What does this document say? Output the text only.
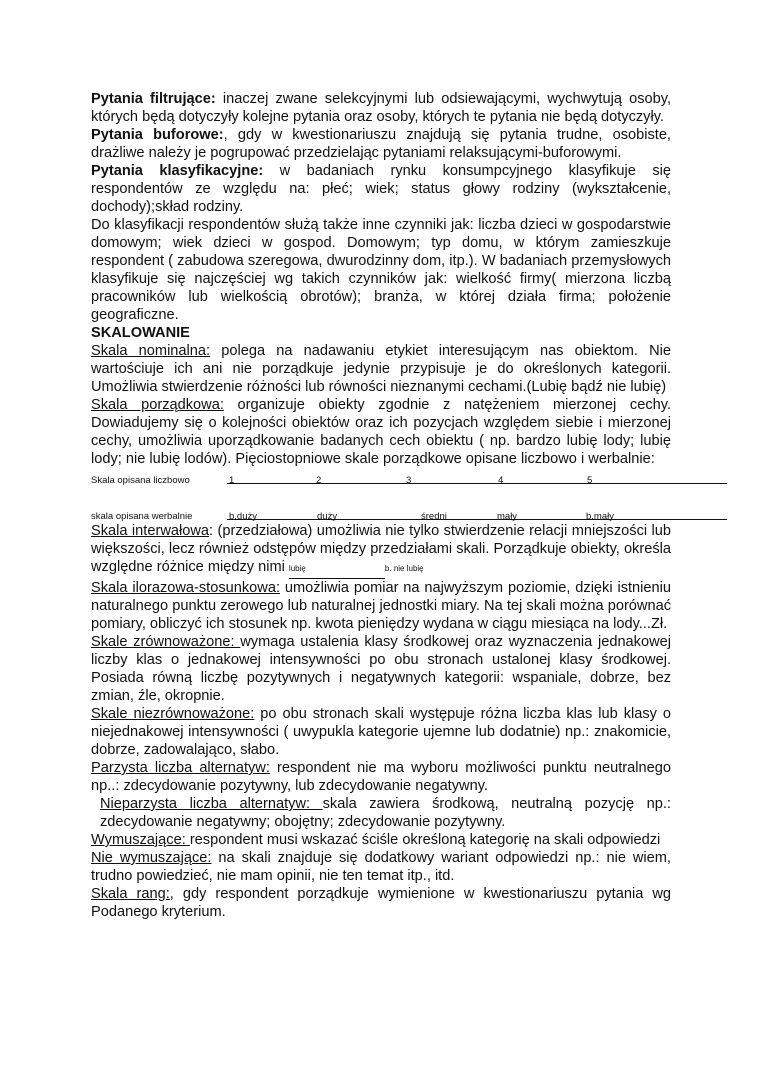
Pytania filtrujące: inaczej zwane selekcyjnymi lub odsiewającymi, wychwytują osoby, których będą dotyczyły kolejne pytania oraz osoby, których te pytania nie będą dotyczyły.

Pytania buforowe:, gdy w kwestionariuszu znajdują się pytania trudne, osobiste, drażliwe należy je pogrupować przedzielając pytaniami relaksującymi-buforowymi.

Pytania klasyfikacyjne: w badaniach rynku konsumpcyjnego klasyfikuje się respondentów ze względu na: płeć; wiek; status głowy rodziny (wykształcenie, dochody);skład rodziny.

Do klasyfikacji respondentów służą także inne czynniki jak: liczba dzieci w gospodarstwie domowym; wiek dzieci w gospod. Domowym; typ domu, w którym zamieszkuje respondent ( zabudowa szeregowa, dwurodzinny dom, itp.). W badaniach przemysłowych klasyfikuje się najczęściej wg takich czynników jak: wielkość firmy( mierzona liczbą pracowników lub wielkością obrotów); branża, w której działa firma; położenie geograficzne.

SKALOWANIE

Skala nominalna: polega na nadawaniu etykiet interesującym nas obiektom. Nie wartościuje ich ani nie porządkuje jedynie przypisuje je do określonych kategorii. Umożliwia stwierdzenie różności lub równości nieznanymi cechami.(Lubię bądź nie lubię)

Skala porządkowa: organizuje obiekty zgodnie z natężeniem mierzonej cechy. Dowiadujemy się o kolejności obiektów oraz ich pozycjach względem siebie i mierzonej cechy, umożliwia uporządkowanie badanych cech obiektu ( np. bardzo lubię lody; lubię lody; nie lubię lodów). Pięciostopniowe skale porządkowe opisane liczbowo i werbalnie:

Skala opisana liczbowo	1	2	3	4	5
skala opisana werbalnie	b.duży	duży	średni	mały	b.mały

Skala interwałowa: (przedziałowa) umożliwia nie tylko stwierdzenie relacji mniejszości lub większości, lecz również odstępów między przedziałami skali. Porządkuje obiekty, określa względne różnice między nimi lubię	b. nie lubię

Skala ilorazowa-stosunkowa: umożliwia pomiar na najwyższym poziomie, dzięki istnieniu naturalnego punktu zerowego lub naturalnej jednostki miary. Na tej skali można porównać pomiary, obliczyć ich stosunek np. kwota pieniędzy wydana w ciągu miesiąca na lody...Zł.

Skale zrównoważone: wymaga ustalenia klasy środkowej oraz wyznaczenia jednakowej liczby klas o jednakowej intensywności po obu stronach ustalonej klasy środkowej. Posiada równą liczbę pozytywnych i negatywnych kategorii: wspaniale, dobrze, bez zmian, źle, okropnie.

Skale niezrównoważone: po obu stronach skali występuje różna liczba klas lub klasy o niejednakowej intensywności ( uwypukla kategorie ujemne lub dodatnie) np.: znakomicie, dobrze, zadowalająco, słabo.

Parzysta liczba alternatyw: respondent nie ma wyboru możliwości punktu neutralnego np..: zdecydowanie pozytywny, lub zdecydowanie negatywny.

Nieparzysta liczba alternatyw: skala zawiera środkową, neutralną pozycję np.: zdecydowanie negatywny; obojętny; zdecydowanie pozytywny.

Wymuszające: respondent musi wskazać ściśle określoną kategorię na skali odpowiedzi

Nie wymuszające: na skali znajduje się dodatkowy wariant odpowiedzi np.: nie wiem, trudno powiedzieć, nie mam opinii, nie ten temat itp., itd.

Skala rang:, gdy respondent porządkuje wymienione w kwestionariuszu pytania wg Podanego kryterium.
